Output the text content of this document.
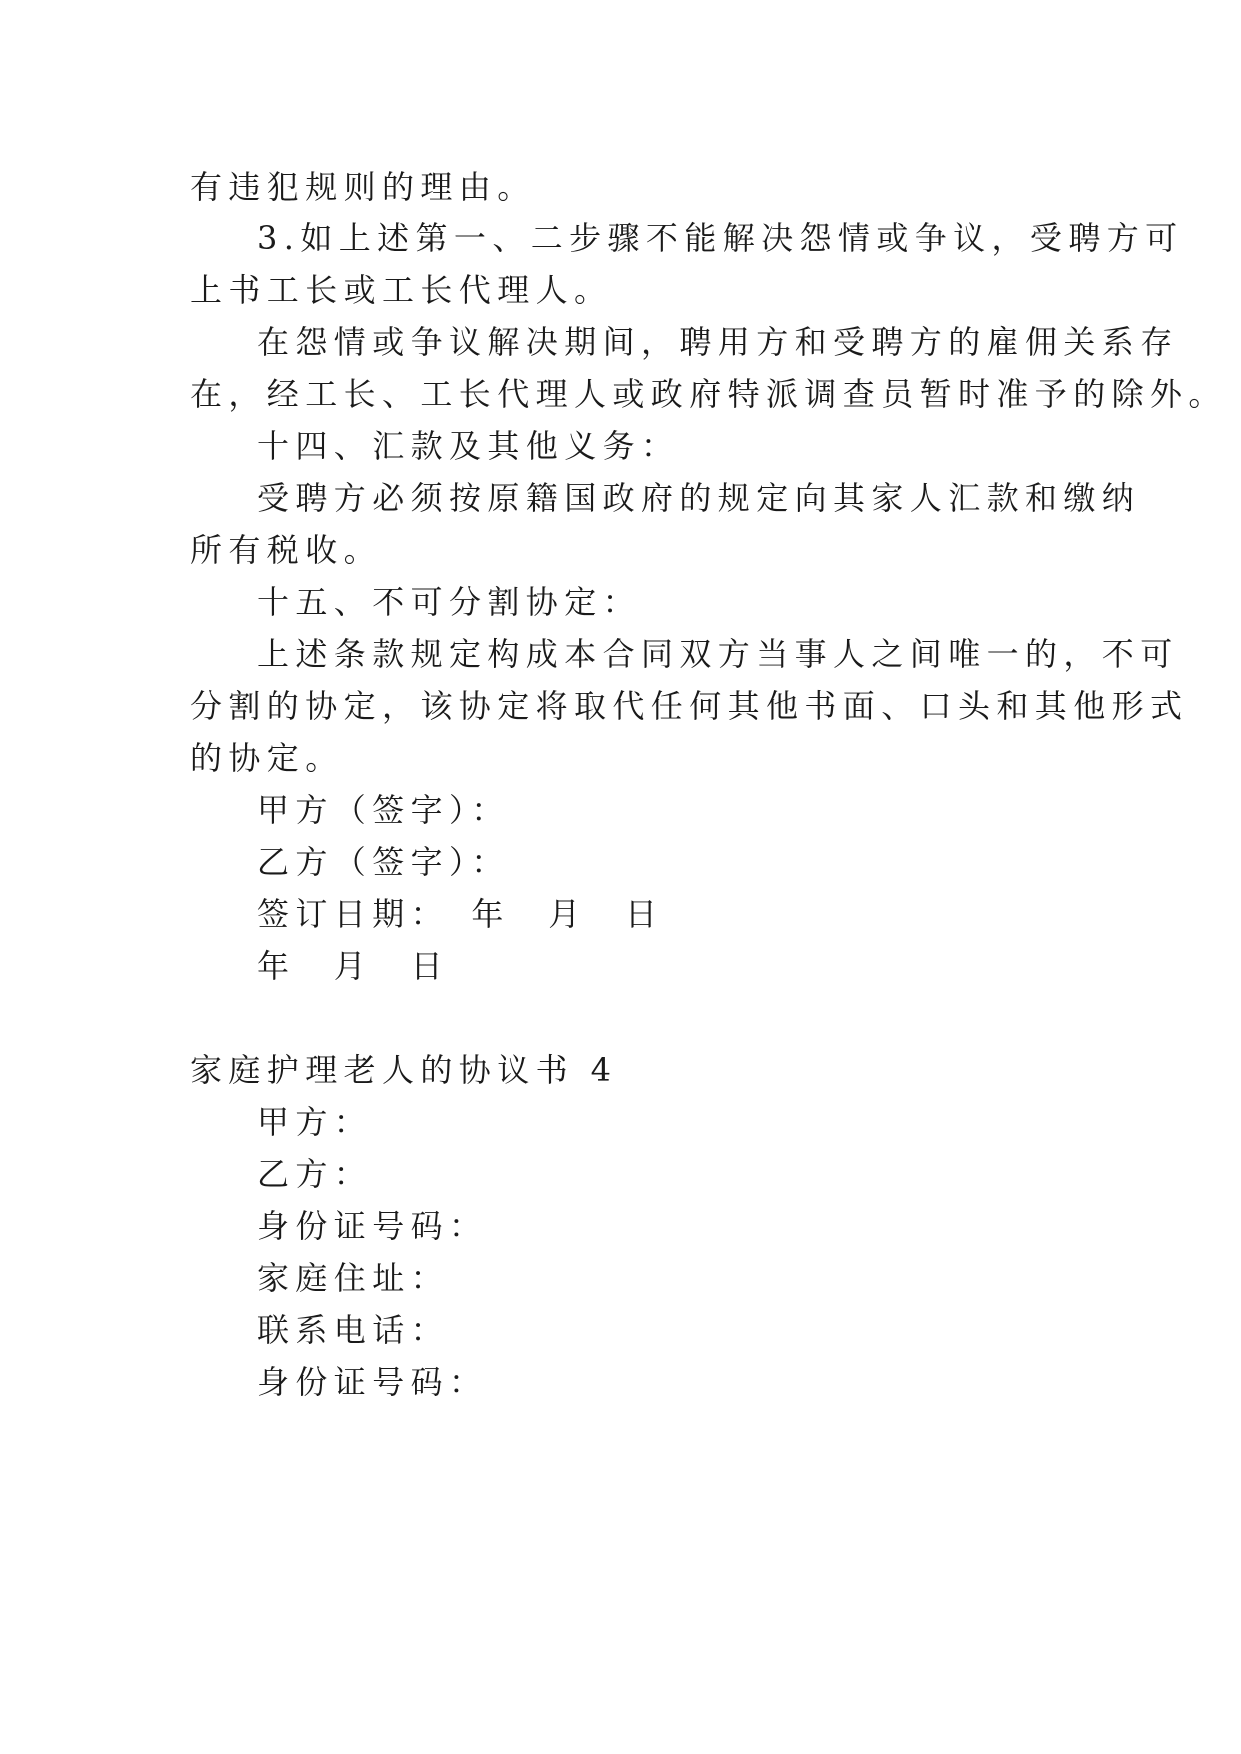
有违犯规则的理由。
3.如上述第一、二步骤不能解决怨情或争议，受聘方可
上书工长或工长代理人。
在怨情或争议解决期间，聘用方和受聘方的雇佣关系存
在，经工长、工长代理人或政府特派调查员暂时准予的除外。
十四、汇款及其他义务：
受聘方必须按原籍国政府的规定向其家人汇款和缴纳
所有税收。
十五、不可分割协定：
上述条款规定构成本合同双方当事人之间唯一的，不可
分割的协定，该协定将取代任何其他书面、口头和其他形式
的协定。
甲方（签字）：
乙方（签字）：
签订日期：　年　月　日
年　月　日
家庭护理老人的协议书 4
甲方：
乙方：
身份证号码：
家庭住址：
联系电话：
身份证号码：
